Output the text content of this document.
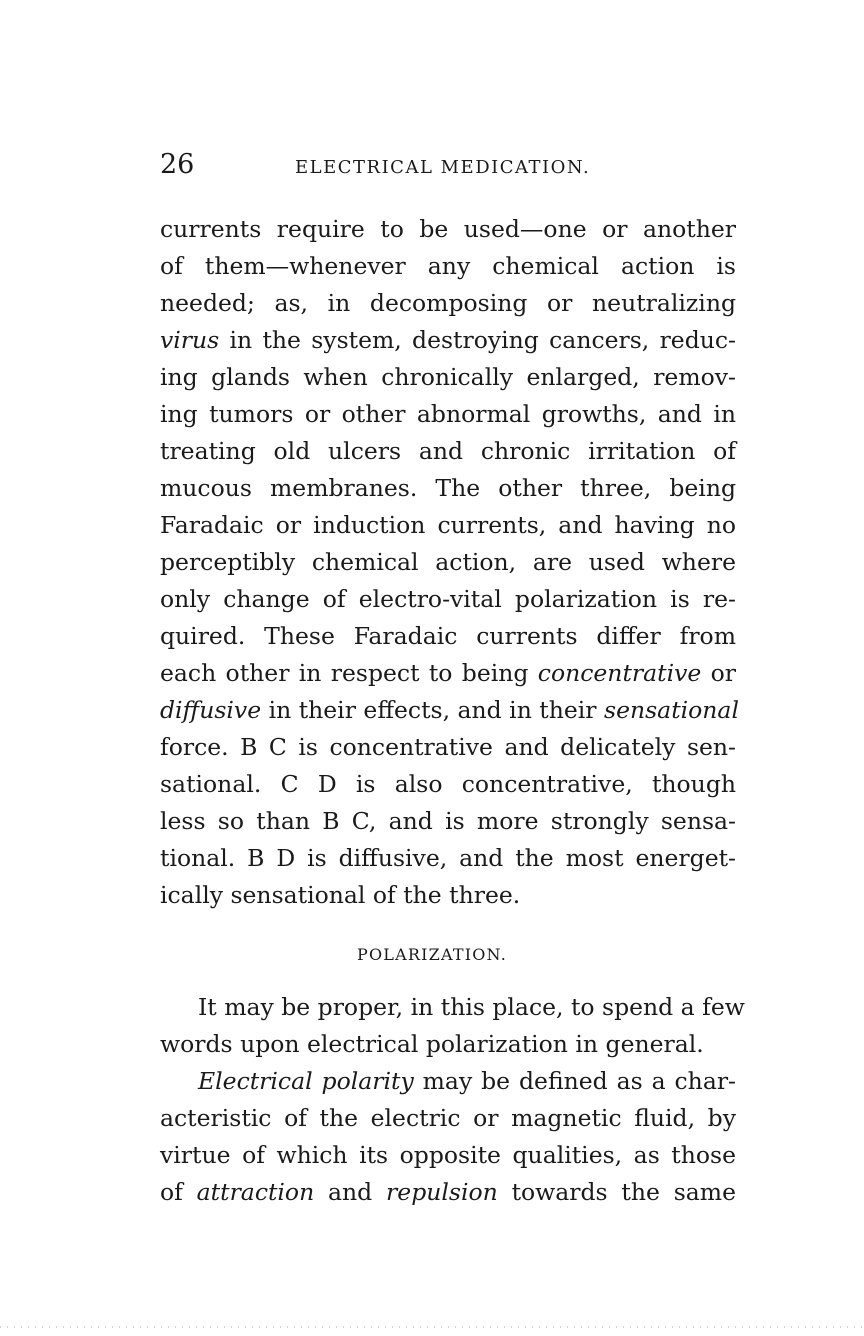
26	ELECTRICAL MEDICATION.
currents require to be used—one or another
of them—whenever any chemical action is
needed; as, in decomposing or neutralizing
virus in the system, destroying cancers, reduc-
ing glands when chronically enlarged, remov-
ing tumors or other abnormal growths, and in
treating old ulcers and chronic irritation of
mucous membranes. The other three, being
Faradaic or induction currents, and having no
perceptibly chemical action, are used where
only change of electro-vital polarization is re-
quired. These Faradaic currents differ from
each other in respect to being concentrative or
diffusive in their effects, and in their sensational
force. B C is concentrative and delicately sen-
sational. C D is also concentrative, though
less so than B C, and is more strongly sensa-
tional. B D is diffusive, and the most energet-
ically sensational of the three.
POLARIZATION.
It may be proper, in this place, to spend a few
words upon electrical polarization in general.
Electrical polarity may be defined as a char-
acteristic of the electric or magnetic fluid, by
virtue of which its opposite qualities, as those
of attraction and repulsion towards the same
